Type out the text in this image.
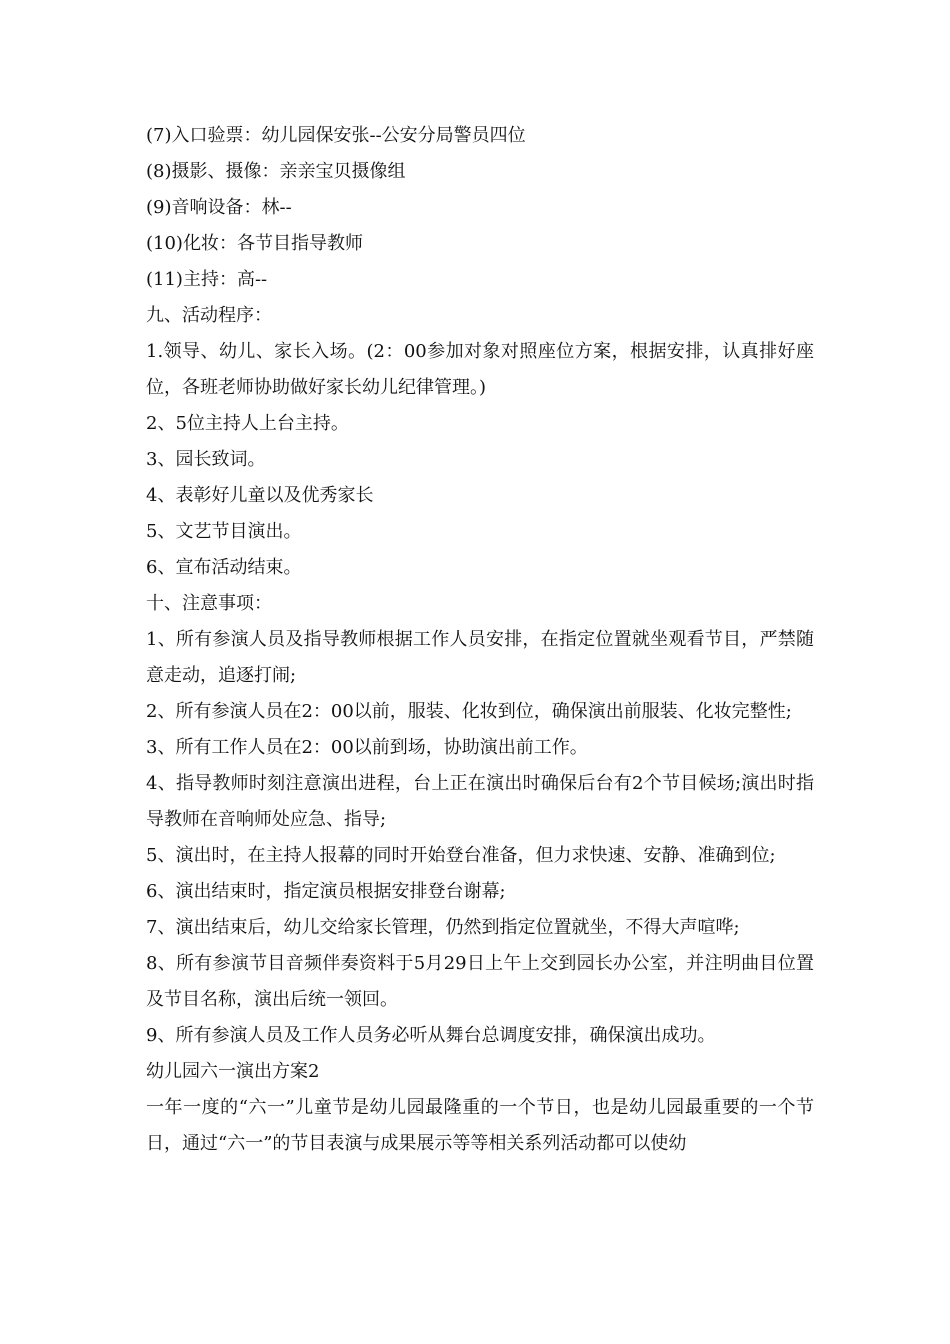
(7)入口验票：幼儿园保安张--公安分局警员四位

(8)摄影、摄像：亲亲宝贝摄像组

(9)音响设备：林--

(10)化妆：各节目指导教师

(11)主持：高--

九、活动程序：

1.领导、幼儿、家长入场。(2：00参加对象对照座位方案，根据安排，认真排好座位，各班老师协助做好家长幼儿纪律管理。)

2、5位主持人上台主持。

3、园长致词。

4、表彰好儿童以及优秀家长

5、文艺节目演出。

6、宣布活动结束。

十、注意事项：

1、所有参演人员及指导教师根据工作人员安排，在指定位置就坐观看节目，严禁随意走动，追逐打闹;

2、所有参演人员在2：00以前，服装、化妆到位，确保演出前服装、化妆完整性;

3、所有工作人员在2：00以前到场，协助演出前工作。

4、指导教师时刻注意演出进程，台上正在演出时确保后台有2个节目候场;演出时指导教师在音响师处应急、指导;

5、演出时，在主持人报幕的同时开始登台准备，但力求快速、安静、准确到位;

6、演出结束时，指定演员根据安排登台谢幕;

7、演出结束后，幼儿交给家长管理，仍然到指定位置就坐，不得大声喧哗;

8、所有参演节目音频伴奏资料于5月29日上午上交到园长办公室，并注明曲目位置及节目名称，演出后统一领回。

9、所有参演人员及工作人员务必听从舞台总调度安排，确保演出成功。

幼儿园六一演出方案2

一年一度的“六一”儿童节是幼儿园最隆重的一个节日，也是幼儿园最重要的一个节日，通过“六一”的节目表演与成果展示等等相关系列活动都可以使幼
